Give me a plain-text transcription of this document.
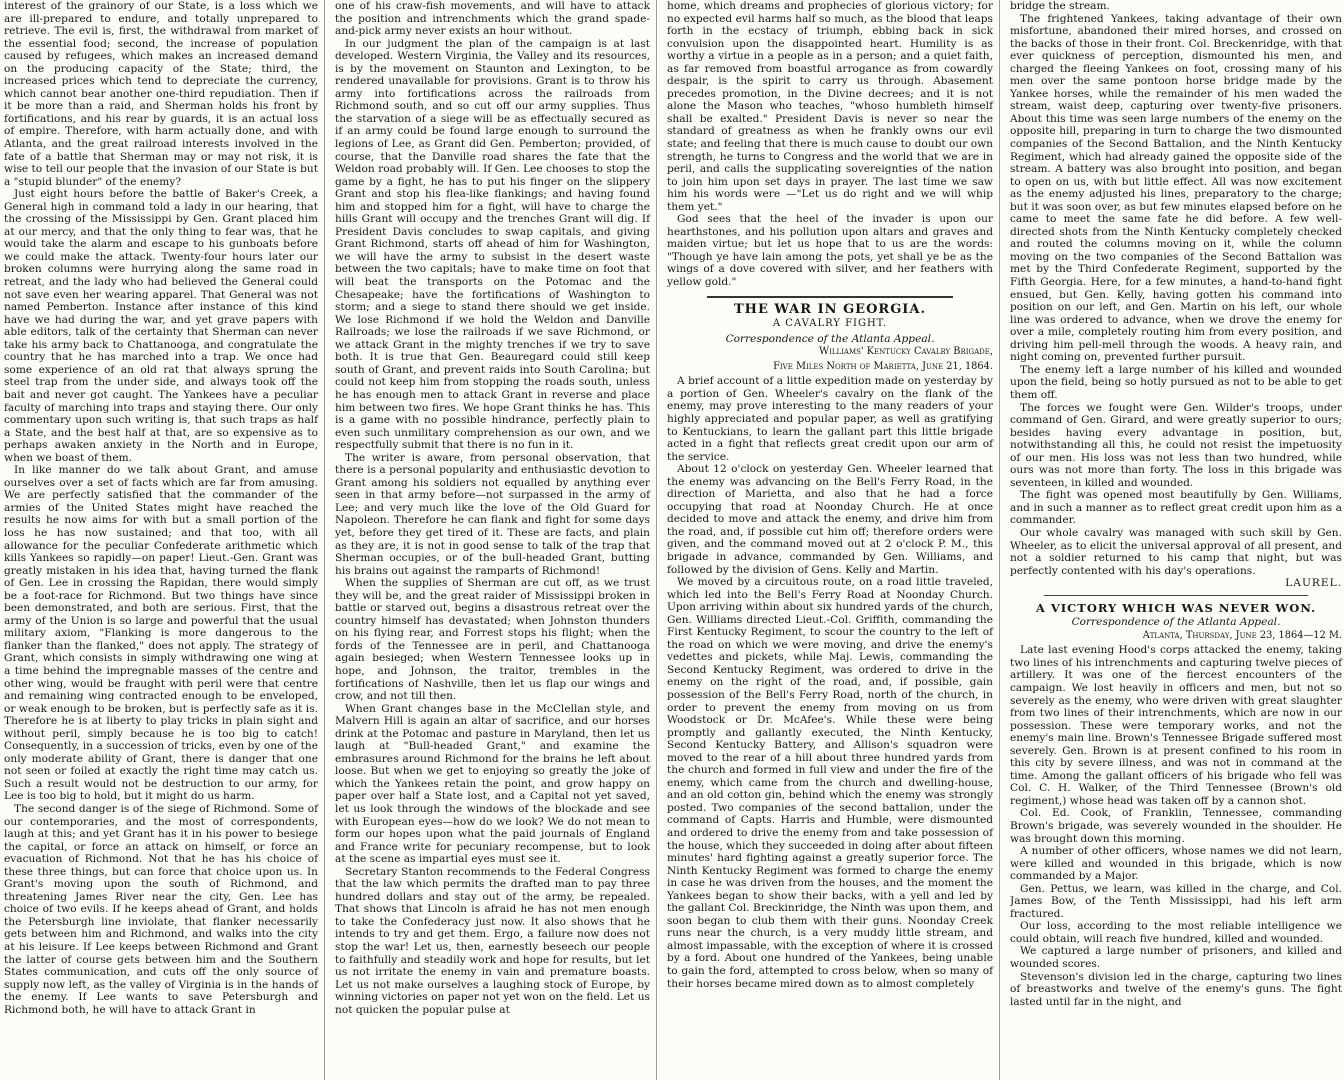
interest of the grainory of our State, is a loss which we are ill-prepared to endure, and totally unprepared to retrieve. The evil is, first, the withdrawal from market of the essential food; second, the increase of population caused by refugees, which makes an increased demand on the producing capacity of the State; third, the increased prices which tend to depreciate the currency, which cannot bear another one-third repudiation. Then if it be more than a raid, and Sherman holds his front by fortifications, and his rear by guards, it is an actual loss of empire. Therefore, with harm actually done, and with Atlanta, and the great railroad interests involved in the fate of a battle that Sherman may or may not risk, it is wise to tell our people that the invasion of our State is but a "stupid blunder" of the enemy?

Just eight hours before the battle of Baker's Creek, a General high in command told a lady in our hearing, that the crossing of the Mississippi by Gen. Grant placed him at our mercy, and that the only thing to fear was, that he would take the alarm and escape to his gunboats before we could make the attack. Twenty-four hours later our broken columns were hurrying along the same road in retreat, and the lady who had believed the General could not save even her wearing apparel. That General was not named Pemberton. Instance after instance of this kind have we had during the war, and yet grave papers with able editors, talk of the certainty that Sherman can never take his army back to Chattanooga, and congratulate the country that he has marched into a trap. We once had some experience of an old rat that always sprung the steel trap from the under side, and always took off the bait and never got caught. The Yankees have a peculiar faculty of marching into traps and staying there. Our only commentary upon such writing is, that such traps as half a State, and the best half at that, are so expensive as to perhaps awaken anxiety in the North and in Europe, when we boast of them.

In like manner do we talk about Grant, and amuse ourselves over a set of facts which are far from amusing. We are perfectly satisfied that the commander of the armies of the United States might have reached the results he now aims for with but a small portion of the loss he has now sustained; and that too, with all allowance for the peculiar Confederate arithmetic which kills Yankees so rapidly—on paper! Lieut.-Gen. Grant was greatly mistaken in his idea that, having turned the flank of Gen. Lee in crossing the Rapidan, there would simply be a foot-race for Richmond. But two things have since been demonstrated, and both are serious. First, that the army of the Union is so large and powerful that the usual military axiom, "Flanking is more dangerous to the flanker than the flanked," does not apply. The strategy of Grant, which consists in simply withdrawing one wing at a time behind the impregnable masses of the centre and other wing, would be fraught with peril were that centre and remaining wing contracted enough to be enveloped, or weak enough to be broken, but is perfectly safe as it is. Therefore he is at liberty to play tricks in plain sight and without peril, simply because he is too big to catch! Consequently, in a succession of tricks, even by one of the only moderate ability of Grant, there is danger that one not seen or foiled at exactly the right time may catch us. Such a result would not be destruction to our army, for Lee is too big to hold, but it might do us harm.

The second danger is of the siege of Richmond. Some of our contemporaries, and the most of correspondents, laugh at this; and yet Grant has it in his power to besiege the capital, or force an attack on himself, or force an evacuation of Richmond. Not that he has his choice of these three things, but can force that choice upon us. In Grant's moving upon the south of Richmond, and threatening James River near the city, Gen. Lee has choice of two evils. If he keeps ahead of Grant, and holds the Petersburgh line inviolate, that flanker necessarily gets between him and Richmond, and walks into the city at his leisure. If Lee keeps between Richmond and Grant the latter of course gets between him and the Southern States communication, and cuts off the only source of supply now left, as the valley of Virginia is in the hands of the enemy. If Lee wants to save Petersburgh and Richmond both, he will have to attack Grant in

one of his craw-fish movements, and will have to attack the position and intrenchments which the grand spade-and-pick army never exists an hour without.

In our judgment the plan of the campaign is at last developed. Western Virginia, the Valley and its resources, is by the movement on Staunton and Lexington, to be rendered unavailable for provisions. Grant is to throw his army into fortifications across the railroads from Richmond south, and so cut off our army supplies. Thus the starvation of a siege will be as effectually secured as if an army could be found large enough to surround the legions of Lee, as Grant did Gen. Pemberton; provided, of course, that the Danville road shares the fate that the Weldon road probably will. If Gen. Lee chooses to stop the game by a fight, he has to put his finger on the slippery Grant and stop his flea-like flankings; and having found him and stopped him for a fight, will have to charge the hills Grant will occupy and the trenches Grant will dig. If President Davis concludes to swap capitals, and giving Grant Richmond, starts off ahead of him for Washington, we will have the army to subsist in the desert waste between the two capitals; have to make time on foot that will beat the transports on the Potomac and the Chesapeake; have the fortifications of Washington to storm; and a siege to stand there should we get inside. We lose Richmond if we hold the Weldon and Danville Railroads; we lose the railroads if we save Richmond, or we attack Grant in the mighty trenches if we try to save both. It is true that Gen. Beauregard could still keep south of Grant, and prevent raids into South Carolina; but could not keep him from stopping the roads south, unless he has enough men to attack Grant in reverse and place him between two fires. We hope Grant thinks he has. This is a game with no possible hindrance, perfectly plain to even such unmilitary comprehension as our own, and we respectfully submit that there is no fun in it.

The writer is aware, from personal observation, that there is a personal popularity and enthusiastic devotion to Grant among his soldiers not equalled by anything ever seen in that army before—not surpassed in the army of Lee; and very much like the love of the Old Guard for Napoleon. Therefore he can flank and fight for some days yet, before they get tired of it. These are facts, and plain as they are, it is not in good sense to talk of the trap that Sherman occupies, or of the bull-headed Grant, butting his brains out against the ramparts of Richmond!

When the supplies of Sherman are cut off, as we trust they will be, and the great raider of Mississippi broken in battle or starved out, begins a disastrous retreat over the country himself has devastated; when Johnston thunders on his flying rear, and Forrest stops his flight; when the fords of the Tennessee are in peril, and Chattanooga again besieged; when Western Tennessee looks up in hope, and Johnson, the traitor, trembles in the fortifications of Nashville, then let us flap our wings and crow, and not till then.

When Grant changes base in the McClellan style, and Malvern Hill is again an altar of sacrifice, and our horses drink at the Potomac and pasture in Maryland, then let us laugh at "Bull-headed Grant," and examine the embrasures around Richmond for the brains he left about loose. But when we get to enjoying so greatly the joke of which the Yankees retain the point, and grow happy on paper over half a State lost, and a Capital not yet saved, let us look through the windows of the blockade and see with European eyes—how do we look? We do not mean to form our hopes upon what the paid journals of England and France write for pecuniary recompense, but to look at the scene as impartial eyes must see it.

Secretary Stanton recommends to the Federal Congress that the law which permits the drafted man to pay three hundred dollars and stay out of the army, be repealed. That shows that Lincoln is afraid he has not men enough to take the Confederacy just now. It also shows that he intends to try and get them. Ergo, a failure now does not stop the war! Let us, then, earnestly beseech our people to faithfully and steadily work and hope for results, but let us not irritate the enemy in vain and premature boasts. Let us not make ourselves a laughing stock of Europe, by winning victories on paper not yet won on the field. Let us not quicken the popular pulse at

home, which dreams and prophecies of glorious victory; for no expected evil harms half so much, as the blood that leaps forth in the ecstacy of triumph, ebbing back in sick convulsion upon the disappointed heart. Humility is as worthy a virtue in a people as in a person; and a quiet faith, as far removed from boastful arrogance as from cowardly despair, is the spirit to carry us through. Abasement precedes promotion, in the Divine decrees; and it is not alone the Mason who teaches, "whoso humbleth himself shall be exalted." President Davis is never so near the standard of greatness as when he frankly owns our evil state; and feeling that there is much cause to doubt our own strength, he turns to Congress and the world that we are in peril, and calls the supplicating sovereignties of the nation to join him upon set days in prayer. The last time we saw him his words were —"Let us do right and we will whip them yet."

God sees that the heel of the invader is upon our hearthstones, and his pollution upon altars and graves and maiden virtue; but let us hope that to us are the words: "Though ye have lain among the pots, yet shall ye be as the wings of a dove covered with silver, and her feathers with yellow gold."

THE WAR IN GEORGIA.
A CAVALRY FIGHT.
Correspondence of the Atlanta Appeal.
Williams' Kentucky Cavalry Brigade,
Five Miles North of Marietta, June 21, 1864.

A brief account of a little expedition made on yesterday by a portion of Gen. Wheeler's cavalry on the flank of the enemy, may prove interesting to the many readers of your highly appreciated and popular paper, as well as gratifying to Kentuckians, to learn the gallant part this little brigade acted in a fight that reflects great credit upon our arm of the service.

About 12 o'clock on yesterday Gen. Wheeler learned that the enemy was advancing on the Bell's Ferry Road, in the direction of Marietta, and also that he had a force occupying that road at Noonday Church. He at once decided to move and attack the enemy, and drive him from the road, and, if possible cut him off; therefore orders were given, and the command moved out at 2 o'clock P. M., this brigade in advance, commanded by Gen. Williams, and followed by the division of Gens. Kelly and Martin.

We moved by a circuitous route, on a road little traveled, which led into the Bell's Ferry Road at Noonday Church. Upon arriving within about six hundred yards of the church, Gen. Williams directed Lieut.-Col. Griffith, commanding the First Kentucky Regiment, to scour the country to the left of the road on which we were moving, and drive the enemy's vedettes and pickets, while Maj. Lewis, commanding the Second Kentucky Regiment, was ordered to drive in the enemy on the right of the road, and, if possible, gain possession of the Bell's Ferry Road, north of the church, in order to prevent the enemy from moving on us from Woodstock or Dr. McAfee's. While these were being promptly and gallantly executed, the Ninth Kentucky, Second Kentucky Battery, and Allison's squadron were moved to the rear of a hill about three hundred yards from the church and formed in full view and under the fire of the enemy, which came from the church and dwelling-house, and an old cotton gin, behind which the enemy was strongly posted. Two companies of the second battalion, under the command of Capts. Harris and Humble, were dismounted and ordered to drive the enemy from and take possession of the house, which they succeeded in doing after about fifteen minutes' hard fighting against a greatly superior force. The Ninth Kentucky Regiment was formed to charge the enemy in case he was driven from the houses, and the moment the Yankees began to show their backs, with a yell and led by the gallant Col. Breckinridge, the Ninth was upon them, and soon began to club them with their guns. Noonday Creek runs near the church, is a very muddy little stream, and almost impassable, with the exception of where it is crossed by a ford. About one hundred of the Yankees, being unable to gain the ford, attempted to cross below, when so many of their horses became mired down as to almost completely

bridge the stream.

The frightened Yankees, taking advantage of their own misfortune, abandoned their mired horses, and crossed on the backs of those in their front. Col. Breckenridge, with that ever quickness of perception, dismounted his men, and charged the fleeing Yankees on foot, crossing many of his men over the same pontoon horse bridge made by the Yankee horses, while the remainder of his men waded the stream, waist deep, capturing over twenty-five prisoners. About this time was seen large numbers of the enemy on the opposite hill, preparing in turn to charge the two dismounted companies of the Second Battalion, and the Ninth Kentucky Regiment, which had already gained the opposite side of the stream. A battery was also brought into position, and began to open on us, with but little effect. All was now excitement as the enemy adjusted his lines, preparatory to the charge; but it was soon over, as but few minutes elapsed before on he came to meet the same fate he did before. A few well-directed shots from the Ninth Kentucky completely checked and routed the columns moving on it, while the column moving on the two companies of the Second Battalion was met by the Third Confederate Regiment, supported by the Fifth Georgia. Here, for a few minutes, a hand-to-hand fight ensued, but Gen. Kelly, having gotten his command into position on our left, and Gen. Martin on his left, our whole line was ordered to advance, when we drove the enemy for over a mile, completely routing him from every position, and driving him pell-mell through the woods. A heavy rain, and night coming on, prevented further pursuit.

The enemy left a large number of his killed and wounded upon the field, being so hotly pursued as not to be able to get them off.

The forces we fought were Gen. Wilder's troops, under command of Gen. Girard, and were greatly superior to ours; besides having every advantage in position, but, notwithstanding all this, he could not resist the impetuosity of our men. His loss was not less than two hundred, while ours was not more than forty. The loss in this brigade was seventeen, in killed and wounded.

The fight was opened most beautifully by Gen. Williams, and in such a manner as to reflect great credit upon him as a commander.

Our whole cavalry was managed with such skill by Gen. Wheeler, as to elicit the universal approval of all present, and not a soldier returned to his camp that night, but was perfectly contented with his day's operations.

LAUREL.
A VICTORY WHICH WAS NEVER WON.
Correspondence of the Atlanta Appeal.
Atlanta, Thursday, June 23, 1864—12 M.

Late last evening Hood's corps attacked the enemy, taking two lines of his intrenchments and capturing twelve pieces of artillery. It was one of the fiercest encounters of the campaign. We lost heavily in officers and men, but not so severely as the enemy, who were driven with great slaughter from two lines of their intrenchments, which are now in our possession. These were temporary works, and not the enemy's main line. Brown's Tennessee Brigade suffered most severely. Gen. Brown is at present confined to his room in this city by severe illness, and was not in command at the time. Among the gallant officers of his brigade who fell was Col. C. H. Walker, of the Third Tennessee (Brown's old regiment,) whose head was taken off by a cannon shot.

Col. Ed. Cook, of Franklin, Tennessee, commanding Brown's brigade, was severely wounded in the shoulder. He was brought down this morning.

A number of other officers, whose names we did not learn, were killed and wounded in this brigade, which is now commanded by a Major.

Gen. Pettus, we learn, was killed in the charge, and Col. James Bow, of the Tenth Mississippi, had his left arm fractured.

Our loss, according to the most reliable intelligence we could obtain, will reach five hundred, killed and wounded.

We captured a large number of prisoners, and killed and wounded scores.

Stevenson's division led in the charge, capturing two lines of breastworks and twelve of the enemy's guns. The fight lasted until far in the night, and
